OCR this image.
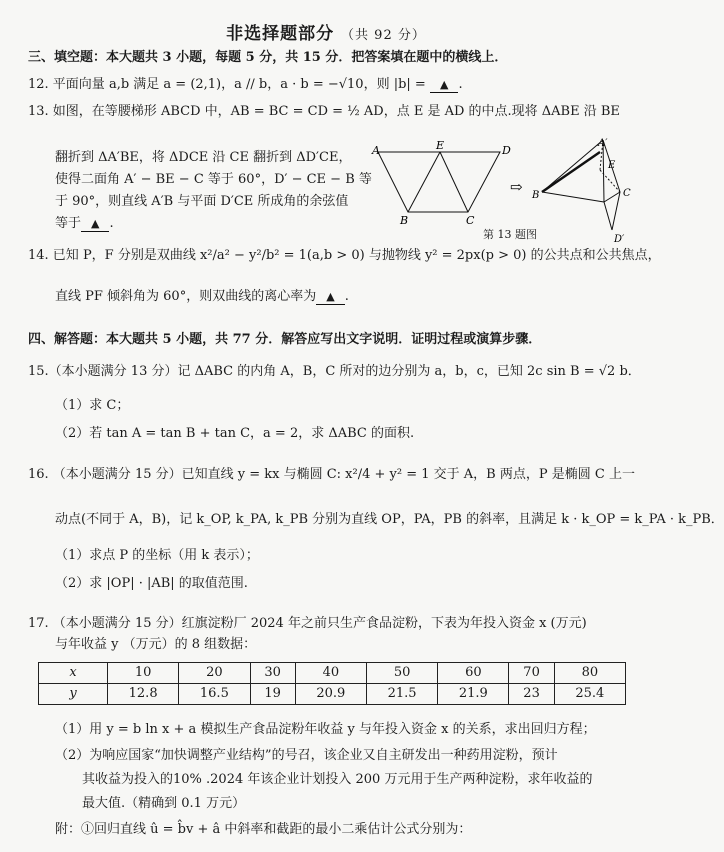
非选择题部分 （共 92 分）
三、填空题：本大题共 3 小题，每题 5 分，共 15 分．把答案填在题中的横线上．
12. 平面向量 a,b 满足 a = (2,1)，a // b，a · b = −√10，则 |b| = ▲ .
13. 如图，在等腰梯形 ABCD 中，AB = BC = CD = ½ AD，点 E 是 AD 的中点.现将 ΔABE 沿 BE
翻折到 ΔA′BE，将 ΔDCE 沿 CE 翻折到 ΔD′CE，
使得二面角 A′ − BE − C 等于 60°，D′ − CE − B 等
于 90°，则直线 A′B 与平面 D′CE 所成角的余弦值
等于 ▲ .
A	E	D
B	C
⇨
A′
E
B	C
D′
第 13 题图
14. 已知 P，F 分别是双曲线 x²/a² − y²/b² = 1(a,b > 0) 与抛物线 y² = 2px(p > 0) 的公共点和公共焦点，
直线 PF 倾斜角为 60°，则双曲线的离心率为 ▲ .
四、解答题：本大题共 5 小题，共 77 分．解答应写出文字说明．证明过程或演算步骤．
15.（本小题满分 13 分）记 ΔABC 的内角 A，B，C 所对的边分别为 a，b，c，已知 2c sin B = √2 b．
（1）求 C；
（2）若 tan A = tan B + tan C，a = 2，求 ΔABC 的面积.
16. （本小题满分 15 分）已知直线 y = kx 与椭圆 C: x²/4 + y² = 1 交于 A，B 两点，P 是椭圆 C 上一
动点(不同于 A，B)，记 k_OP, k_PA, k_PB 分别为直线 OP，PA，PB 的斜率，且满足 k · k_OP = k_PA · k_PB．
（1）求点 P 的坐标（用 k 表示）；
（2）求 |OP| · |AB| 的取值范围.
17. （本小题满分 15 分）红旗淀粉厂 2024 年之前只生产食品淀粉，下表为年投入资金 x (万元)
与年收益 y （万元）的 8 组数据：
x	10	20	30	40	50	60	70	80
y	12.8	16.5	19	20.9	21.5	21.9	23	25.4
（1）用 y = b ln x + a 模拟生产食品淀粉年收益 y 与年投入资金 x 的关系，求出回归方程；
（2）为响应国家“加快调整产业结构”的号召，该企业又自主研发出一种药用淀粉，预计
其收益为投入的10% .2024 年该企业计划投入 200 万元用于生产两种淀粉，求年收益的
最大值.（精确到 0.1 万元）
附：①回归直线 û = b̂v + â 中斜率和截距的最小二乘估计公式分别为：
